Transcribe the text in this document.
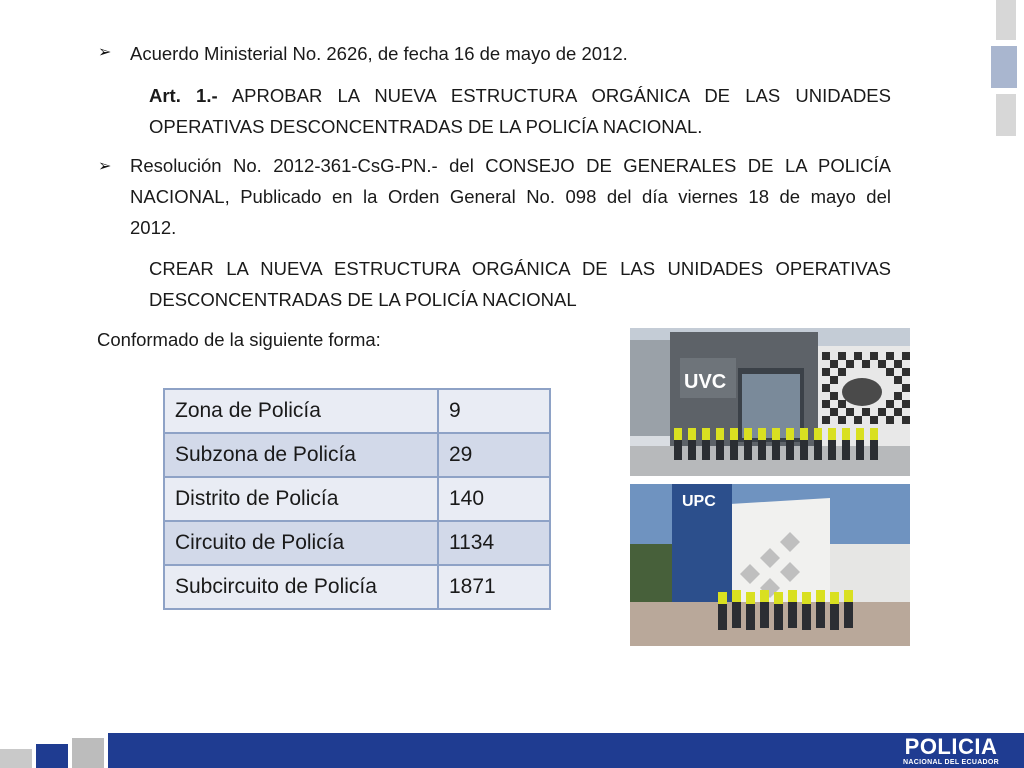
➢ Acuerdo Ministerial No. 2626, de fecha 16 de mayo de 2012.
Art. 1.- APROBAR LA NUEVA ESTRUCTURA ORGÁNICA DE LAS UNIDADES
OPERATIVAS DESCONCENTRADAS DE LA POLICÍA NACIONAL.
➢ Resolución No. 2012-361-CsG-PN.- del CONSEJO DE GENERALES DE LA POLICÍA
NACIONAL, Publicado en la Orden General No. 098 del día viernes 18 de mayo del
2012.
CREAR LA NUEVA ESTRUCTURA ORGÁNICA DE LAS UNIDADES OPERATIVAS
DESCONCENTRADAS DE LA POLICÍA NACIONAL
Conformado de la siguiente forma:
Zona de Policía	9
Subzona de Policía	29
Distrito de Policía	140
Circuito de Policía	1134
Subcircuito de Policía	1871
UVC
UPC
POLICIA
NACIONAL DEL ECUADOR
